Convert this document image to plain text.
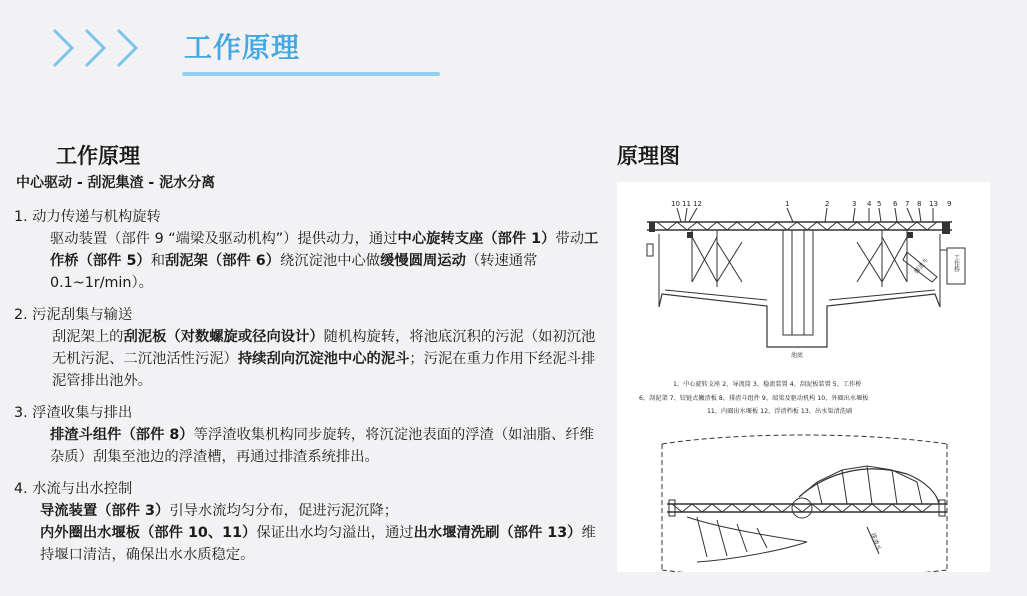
工作原理
工作原理	原理图
中心驱动 - 刮泥集渣 - 泥水分离

1. 动力传递与机构旋转

驱动装置（部件 9 “端梁及驱动机构”）提供动力，通过中心旋转支座（部件 1）带动工作桥（部件 5）和刮泥架（部件 6）绕沉淀池中心做缓慢圆周运动（转速通常 0.1~1r/min）。

2. 污泥刮集与输送

刮泥架上的刮泥板（对数螺旋或径向设计）随机构旋转，将池底沉积的污泥（如初沉池无机污泥、二沉池活性污泥）持续刮向沉淀池中心的泥斗；污泥在重力作用下经泥斗排泥管排出池外。

3. 浮渣收集与排出

排渣斗组件（部件 8）等浮渣收集机构同步旋转，将沉淀池表面的浮渣（如油脂、纤维杂质）刮集至池边的浮渣槽，再通过排渣系统排出。

4. 水流与出水控制

导流装置（部件 3）引导水流均匀分布，促进污泥沉降；

内外圈出水堰板（部件 10、11）保证出水均匀溢出，通过出水堰清洗刷（部件 13）维持堰口清洁，确保出水水质稳定。

10 11 12	1	2	3 4 5 6 7 8 13 9
工作桥
排渣斗
池底
1、中心旋转支座 2、导流筒 3、稳流装置 4、刮泥板装置 5、工作桥
6、刮泥架 7、铰链式撇渣板 8、排渣斗组件 9、端梁及驱动机构 10、外圈出水堰板
11、内圈出水堰板 12、浮渣档板 13、出水渠清洗刷
排渣斗
